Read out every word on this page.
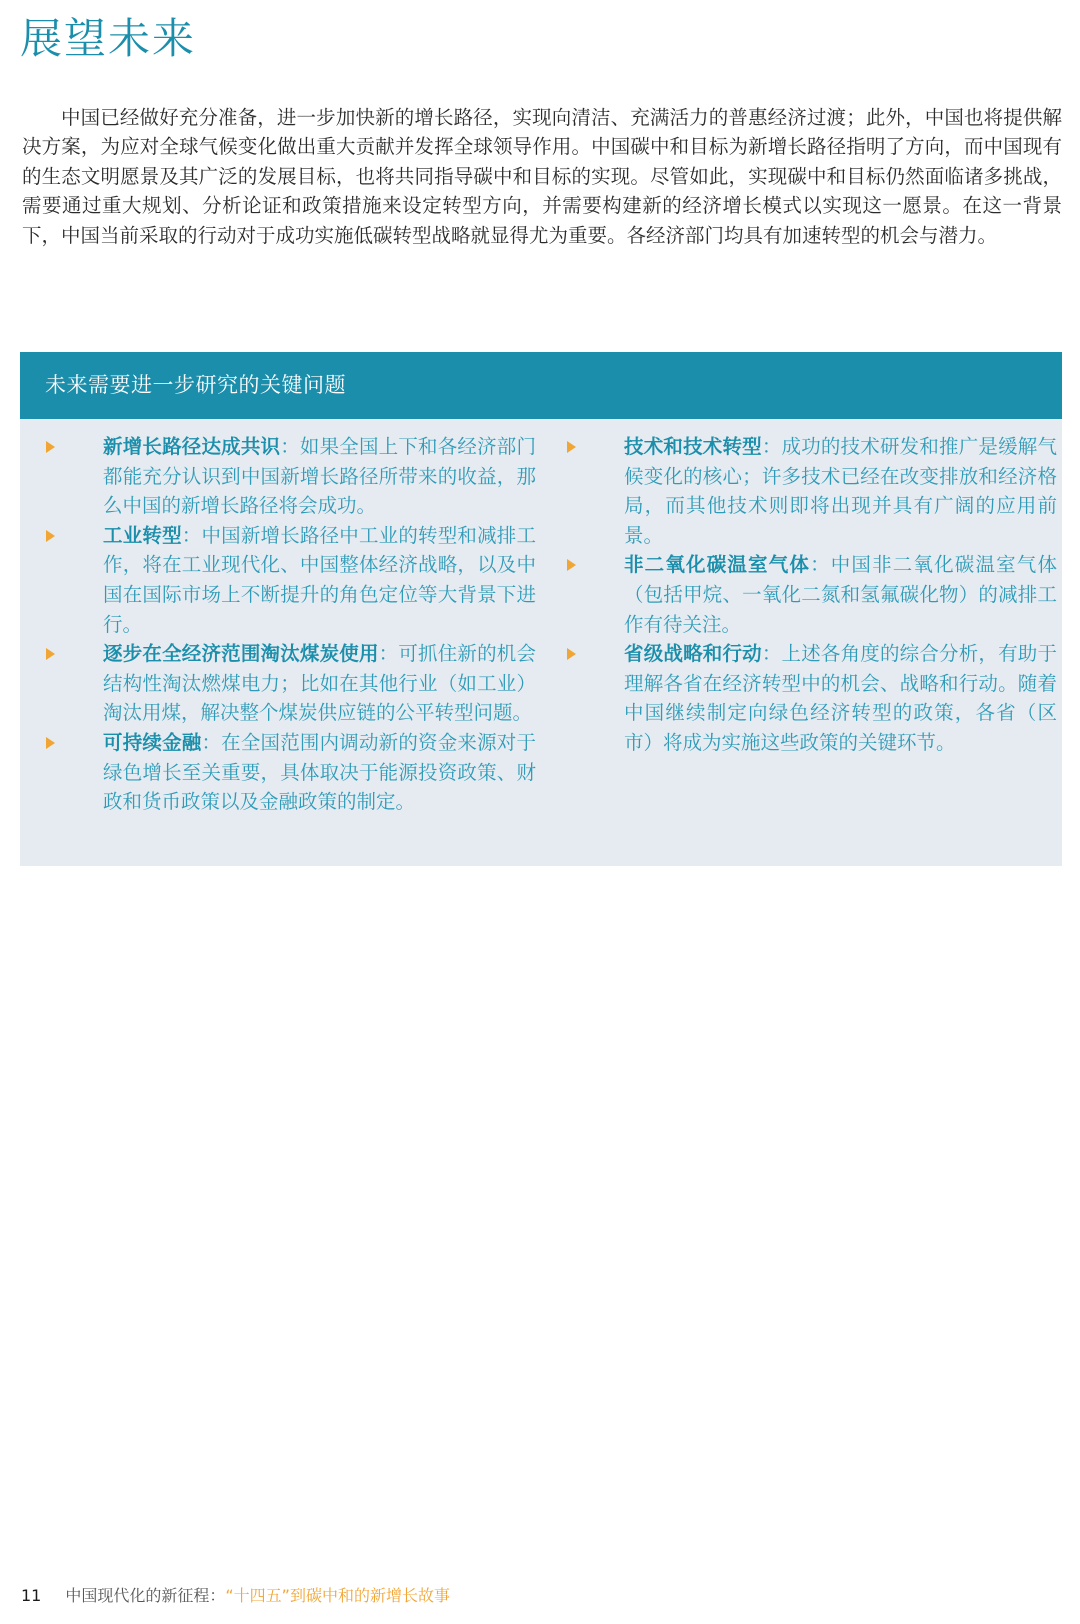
展望未来

中国已经做好充分准备，进一步加快新的增长路径，实现向清洁、充满活力的普惠经济过渡；此外，中国也将提供解决方案，为应对全球气候变化做出重大贡献并发挥全球领导作用。中国碳中和目标为新增长路径指明了方向，而中国现有的生态文明愿景及其广泛的发展目标，也将共同指导碳中和目标的实现。尽管如此，实现碳中和目标仍然面临诸多挑战，需要通过重大规划、分析论证和政策措施来设定转型方向，并需要构建新的经济增长模式以实现这一愿景。在这一背景下，中国当前采取的行动对于成功实施低碳转型战略就显得尤为重要。各经济部门均具有加速转型的机会与潜力。

未来需要进一步研究的关键问题
新增长路径达成共识：如果全国上下和各经济部门都能充分认识到中国新增长路径所带来的收益，那么中国的新增长路径将会成功。
工业转型：中国新增长路径中工业的转型和减排工作，将在工业现代化、中国整体经济战略，以及中国在国际市场上不断提升的角色定位等大背景下进行。
逐步在全经济范围淘汰煤炭使用：可抓住新的机会结构性淘汰燃煤电力；比如在其他行业（如工业）淘汰用煤，解决整个煤炭供应链的公平转型问题。
可持续金融：在全国范围内调动新的资金来源对于绿色增长至关重要，具体取决于能源投资政策、财政和货币政策以及金融政策的制定。
技术和技术转型：成功的技术研发和推广是缓解气候变化的核心；许多技术已经在改变排放和经济格局，而其他技术则即将出现并具有广阔的应用前景。
非二氧化碳温室气体：中国非二氧化碳温室气体（包括甲烷、一氧化二氮和氢氟碳化物）的减排工作有待关注。
省级战略和行动：上述各角度的综合分析，有助于理解各省在经济转型中的机会、战略和行动。随着中国继续制定向绿色经济转型的政策，各省（区市）将成为实施这些政策的关键环节。
11 中国现代化的新征程：“十四五”到碳中和的新增长故事
